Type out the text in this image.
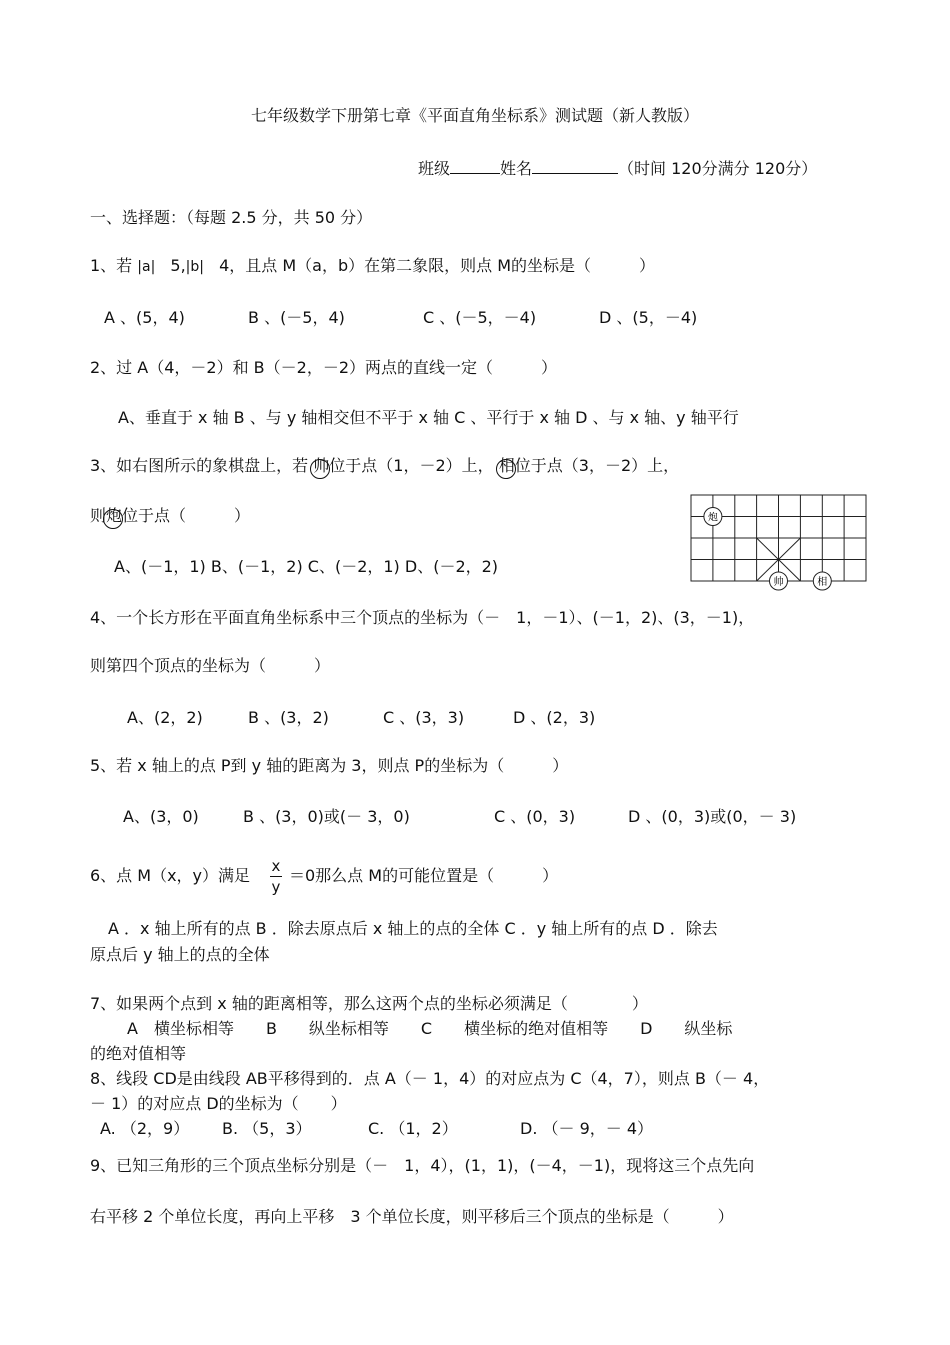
七年级数学下册第七章《平面直角坐标系》测试题（新人教版）
班级	姓名	（时间 120分满分 120分）
一、选择题：（每题 2.5 分，共 50 分）
1、若 |a| 5,|b| 4，且点 M（a，b）在第二象限，则点 M的坐标是（　　　）
A 、(5，4)	B 、(－5，4)	C 、(－5，－4)	D 、(5，－4)
2、过 A（4，－2）和 B（－2，－2）两点的直线一定（　　　）
A、垂直于 x 轴 B 、与 y 轴相交但不平于 x 轴 C 、平行于 x 轴 D 、与 x 轴、y 轴平行
3、如右图所示的象棋盘上，若 帅位于点（1，－2）上， 相位于点（3，－2）上，
则
炮位于点（　　　）
A、(－1，1) B、(－1，2) C、(－2，1) D、(－2，2)
炮
帅	相
4、一个长方形在平面直角坐标系中三个顶点的坐标为（－　1，－1）、(－1，2)、(3，－1)，
则第四个顶点的坐标为（　　　）
A、(2，2)	B 、(3，2)	C 、(3，3)	D 、(2，3)
5、若 x 轴上的点 P到 y 轴的距离为 3，则点 P的坐标为（　　　）
A、(3，0)	B 、(3，0)或(－ 3，0)	C 、(0，3)	D 、(0，3)或(0，－ 3)
6、点 M（x，y）满足 x
y
＝0那么点 M的可能位置是（　　　）
A ．x 轴上所有的点 B ．除去原点后 x 轴上的点的全体 C ．y 轴上所有的点 D ．除去
原点后 y 轴上的点的全体
7、如果两个点到 x 轴的距离相等，那么这两个点的坐标必须满足（　　　　）
A　横坐标相等　　B　　纵坐标相等　　C　　横坐标的绝对值相等　　D　　纵坐标
的绝对值相等
8、线段 CD是由线段 AB平移得到的．点 A（－ 1，4）的对应点为 C（4，7），则点 B（－ 4，
－ 1）的对应点 D的坐标为（　　）
A. （2，9） B. （5，3）	C. （1，2）	D. （－ 9，－ 4）
9、已知三角形的三个顶点坐标分别是（－　1，4），(1，1)，(－4，－1)，现将这三个点先向
右平移 2 个单位长度，再向上平移　3 个单位长度，则平移后三个顶点的坐标是（　　　）
